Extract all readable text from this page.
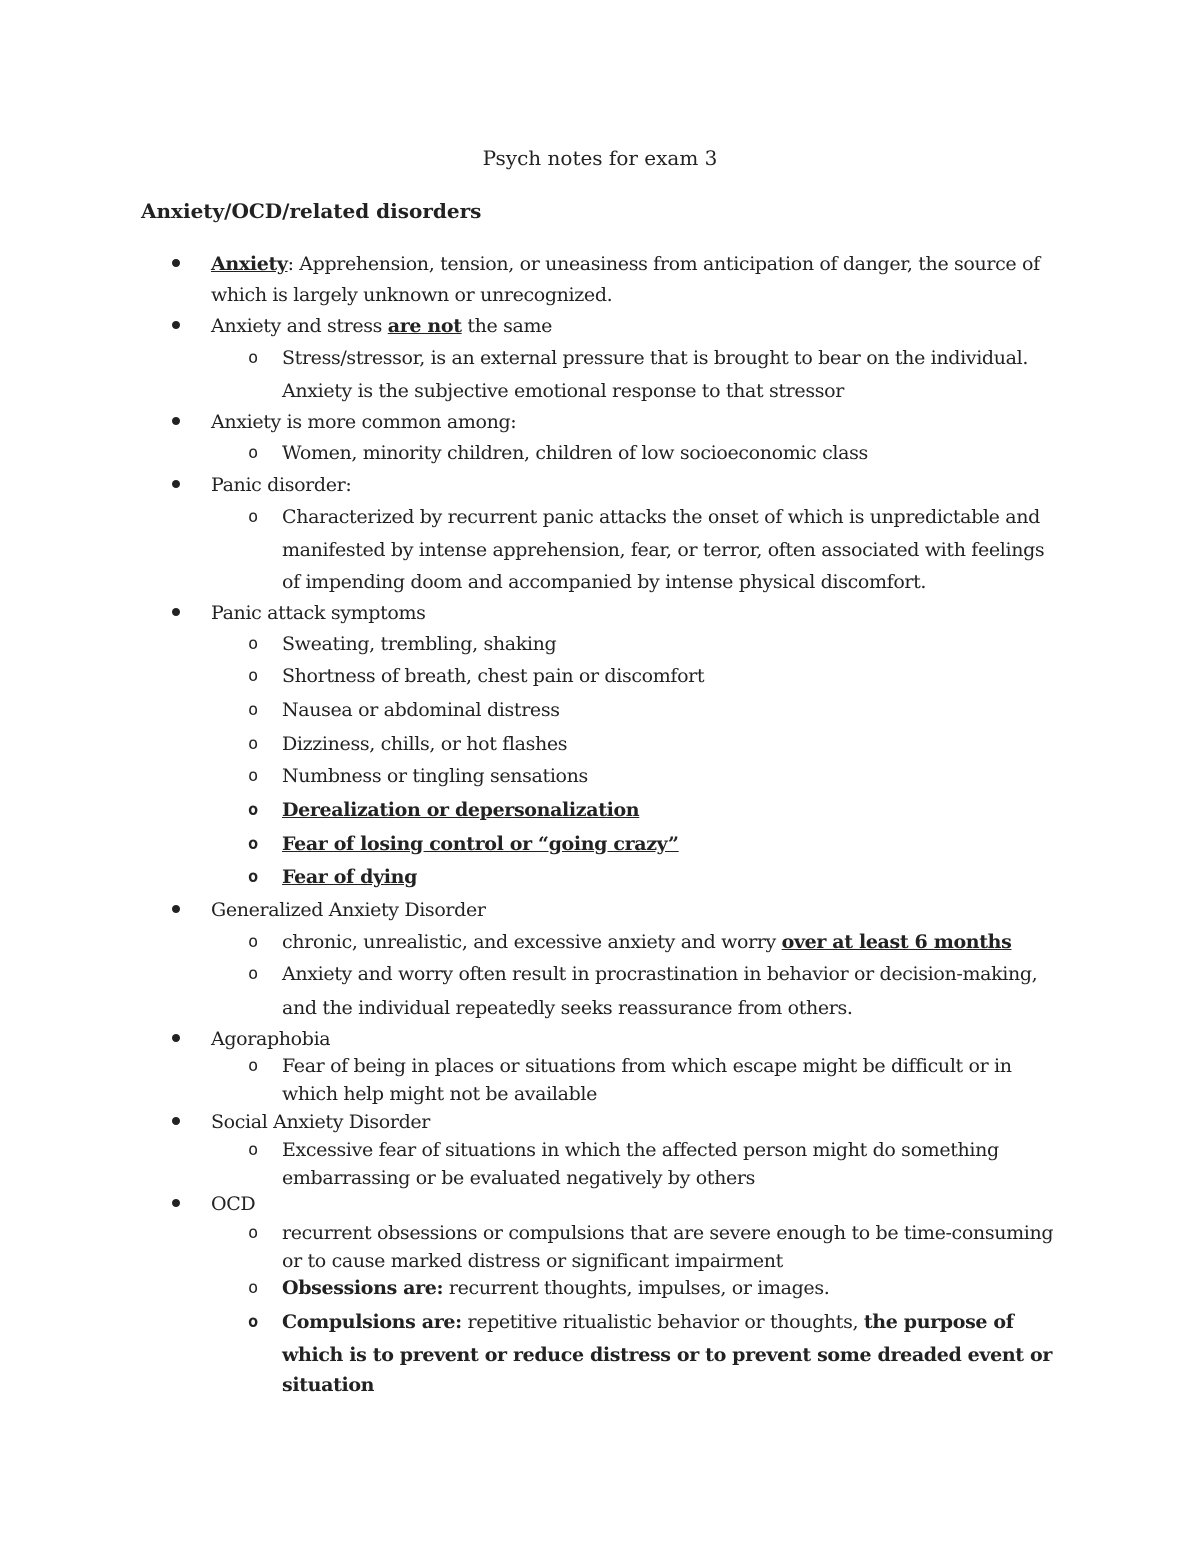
Psych notes for exam 3
Anxiety/OCD/related disorders
Anxiety: Apprehension, tension, or uneasiness from anticipation of danger, the source of
which is largely unknown or unrecognized.
Anxiety and stress are not the same
o Stress/stressor, is an external pressure that is brought to bear on the individual.
Anxiety is the subjective emotional response to that stressor
Anxiety is more common among:
o Women, minority children, children of low socioeconomic class
Panic disorder:
o Characterized by recurrent panic attacks the onset of which is unpredictable and
manifested by intense apprehension, fear, or terror, often associated with feelings
of impending doom and accompanied by intense physical discomfort.
Panic attack symptoms
o Sweating, trembling, shaking
o Shortness of breath, chest pain or discomfort
o Nausea or abdominal distress
o Dizziness, chills, or hot flashes
o Numbness or tingling sensations
o Derealization or depersonalization
o Fear of losing control or “going crazy”
o Fear of dying
Generalized Anxiety Disorder
o chronic, unrealistic, and excessive anxiety and worry over at least 6 months
o Anxiety and worry often result in procrastination in behavior or decision-making,
and the individual repeatedly seeks reassurance from others.
Agoraphobia
o Fear of being in places or situations from which escape might be difficult or in
which help might not be available
Social Anxiety Disorder
o Excessive fear of situations in which the affected person might do something
embarrassing or be evaluated negatively by others
OCD
o recurrent obsessions or compulsions that are severe enough to be time-consuming
or to cause marked distress or significant impairment
o Obsessions are: recurrent thoughts, impulses, or images.
o Compulsions are: repetitive ritualistic behavior or thoughts, the purpose of
which is to prevent or reduce distress or to prevent some dreaded event or
situation
